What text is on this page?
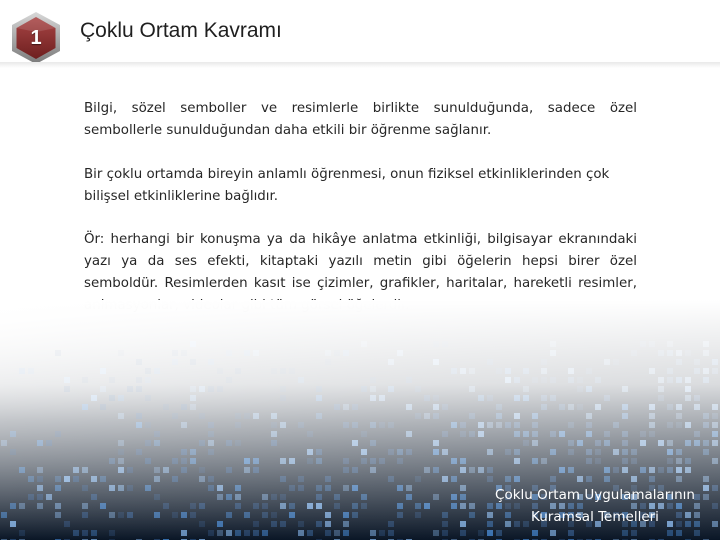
1	Çoklu Ortam Kavramı

Bilgi, sözel semboller ve resimlerle birlikte sunulduğunda, sadece özel sembollerle sunulduğundan daha etkili bir öğrenme sağlanır.

Bir çoklu ortamda bireyin anlamlı öğrenmesi, onun fiziksel etkinliklerinden çok bilişsel etkinliklerine bağlıdır.

Ör: herhangi bir konuşma ya da hikâye anlatma etkinliği, bilgisayar ekranındaki yazı ya da ses efekti, kitaptaki yazılı metin gibi öğelerin hepsi birer özel semboldür. Resimlerden kasıt ise çizimler, grafikler, haritalar, hareketli resimler,

Çoklu Ortam Uygulamalarının
Kuramsal Temelleri
